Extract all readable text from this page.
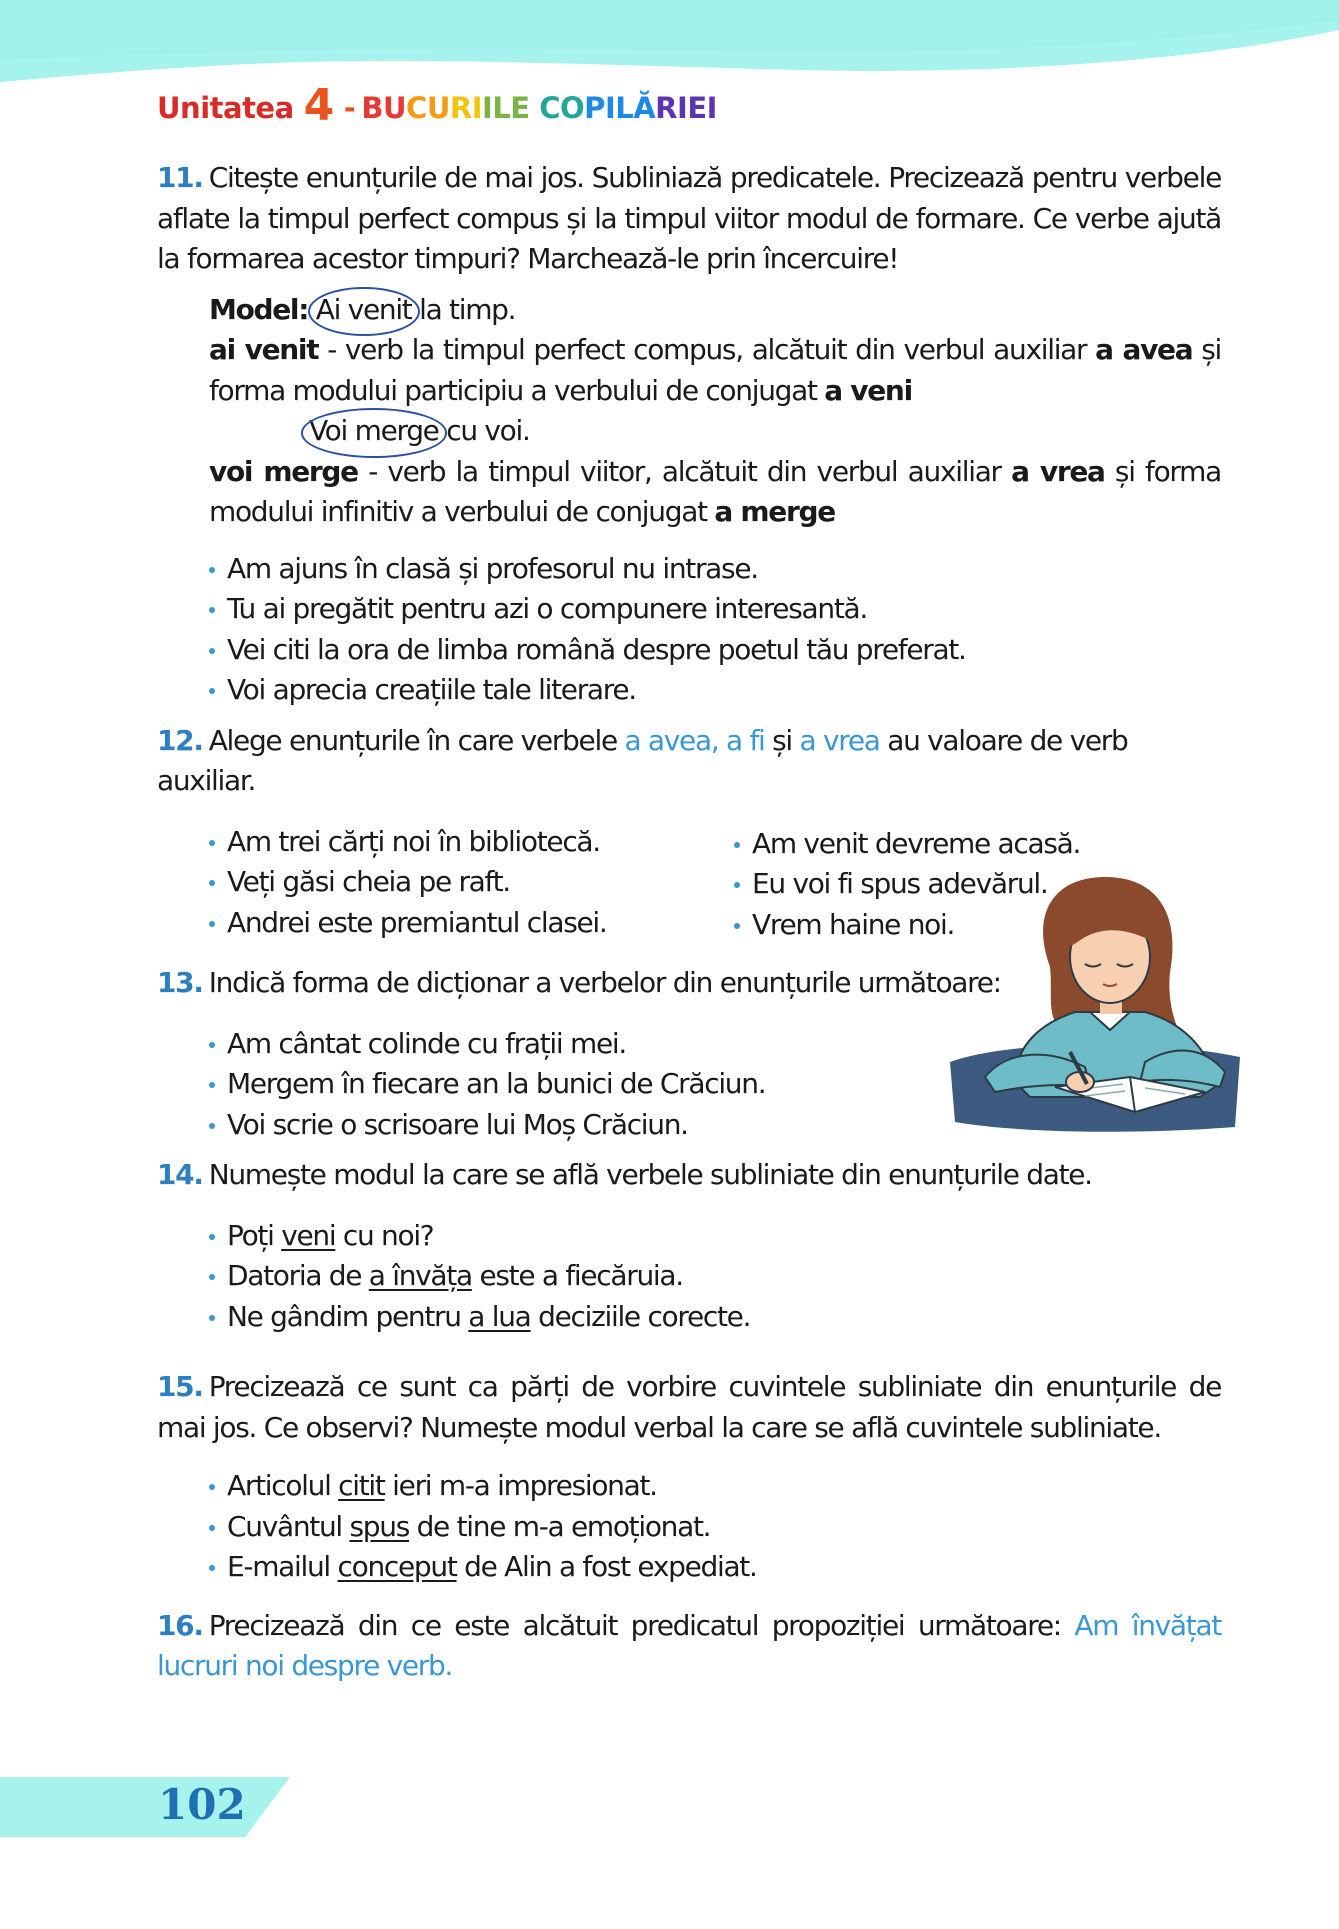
Unitatea 4 - BUCURIILE COPILĂRIEI

11. Citește enunțurile de mai jos. Subliniază predicatele. Precizează pentru verbele aflate la timpul perfect compus și la timpul viitor modul de formare. Ce verbe ajută la formarea acestor timpuri? Marchează-le prin încercuire!

Model: Ai venit la timp.
ai venit - verb la timpul perfect compus, alcătuit din verbul auxiliar a avea și forma modului participiu a verbului de conjugat a veni
Voi merge cu voi.
voi merge - verb la timpul viitor, alcătuit din verbul auxiliar a vrea și forma modului infinitiv a verbului de conjugat a merge
Am ajuns în clasă și profesorul nu intrase.
Tu ai pregătit pentru azi o compunere interesantă.
Vei citi la ora de limba română despre poetul tău preferat.
Voi aprecia creațiile tale literare.

12. Alege enunțurile în care verbele a avea, a fi și a vrea au valoare de verb auxiliar.

Am trei cărți noi în bibliotecă.
Veți găsi cheia pe raft.
Andrei este premiantul clasei.
Am venit devreme acasă.
Eu voi fi spus adevărul.
Vrem haine noi.

13. Indică forma de dicționar a verbelor din enunțurile următoare:

Am cântat colinde cu frații mei.
Mergem în fiecare an la bunici de Crăciun.
Voi scrie o scrisoare lui Moș Crăciun.

14. Numește modul la care se află verbele subliniate din enunțurile date.

Poți veni cu noi?
Datoria de a învăța este a fiecăruia.
Ne gândim pentru a lua deciziile corecte.

15. Precizează ce sunt ca părți de vorbire cuvintele subliniate din enunțurile de mai jos. Ce observi? Numește modul verbal la care se află cuvintele subliniate.

Articolul citit ieri m-a impresionat.
Cuvântul spus de tine m-a emoționat.
E-mailul conceput de Alin a fost expediat.

16. Precizează din ce este alcătuit predicatul propoziției următoare: Am învățat lucruri noi despre verb.

102
